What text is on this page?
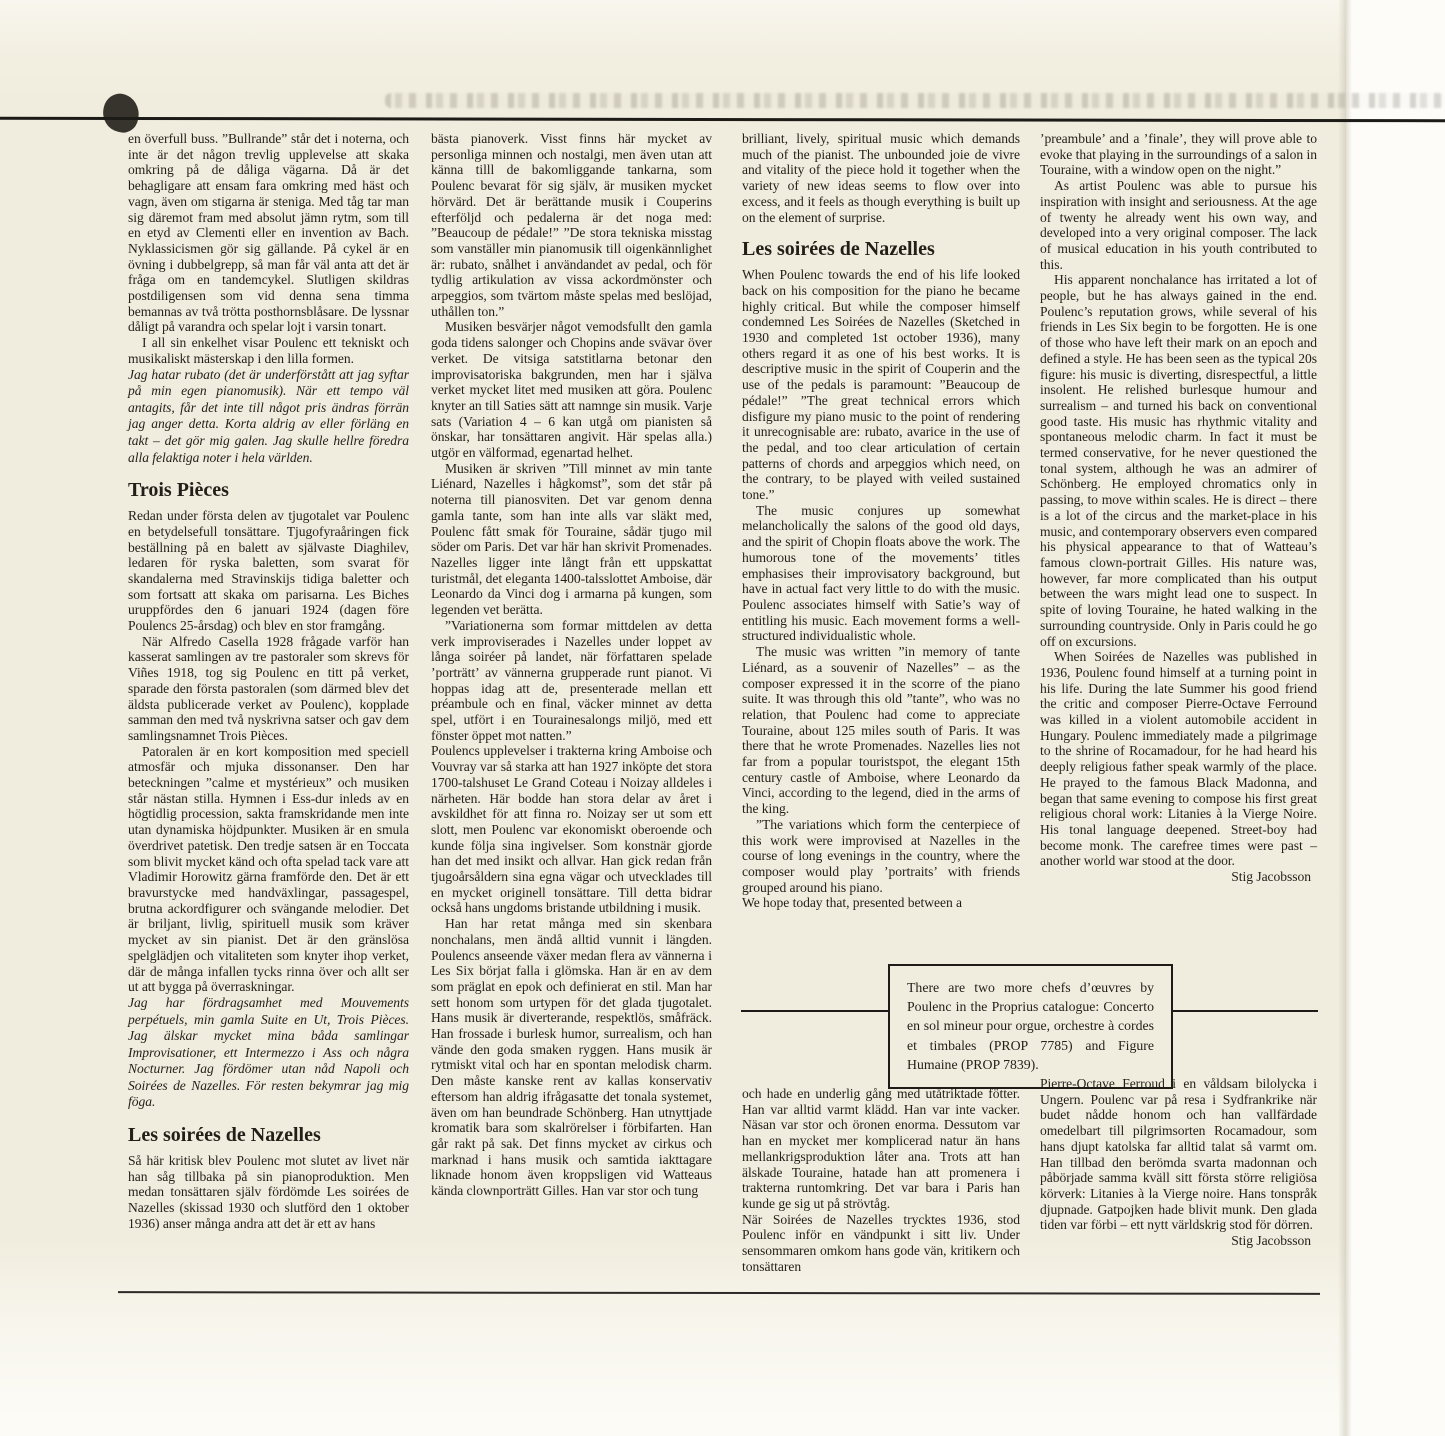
en överfull buss. ”Bullrande” står det i noterna, och inte är det någon trevlig upplevelse att skaka omkring på de dåliga vägarna. Då är det behagligare att ensam fara omkring med häst och vagn, även om stigarna är steniga. Med tåg tar man sig däremot fram med absolut jämn rytm, som till en etyd av Clementi eller en invention av Bach. Nyklassicismen gör sig gällande. På cykel är en övning i dubbelgrepp, så man får väl anta att det är fråga om en tandemcykel. Slutligen skildras postdiligensen som vid denna sena timma bemannas av två trötta posthornsblåsare. De lyssnar dåligt på varandra och spelar lojt i varsin tonart.

I all sin enkelhet visar Poulenc ett tekniskt och musikaliskt mästerskap i den lilla formen.

Jag hatar rubato (det är underförstått att jag syftar på min egen pianomusik). När ett tempo väl antagits, får det inte till något pris ändras förrän jag anger detta. Korta aldrig av eller förläng en takt – det gör mig galen. Jag skulle hellre föredra alla felaktiga noter i hela världen.

Trois Pièces

Redan under första delen av tjugotalet var Poulenc en betydelsefull tonsättare. Tjugofyraåringen fick beställning på en balett av självaste Diaghilev, ledaren för ryska baletten, som svarat för skandalerna med Stravinskijs tidiga baletter och som fortsatt att skaka om parisarna. Les Biches uruppfördes den 6 januari 1924 (dagen före Poulencs 25-årsdag) och blev en stor framgång.

När Alfredo Casella 1928 frågade varför han kasserat samlingen av tre pastoraler som skrevs för Viñes 1918, tog sig Poulenc en titt på verket, sparade den första pastoralen (som därmed blev det äldsta publicerade verket av Poulenc), kopplade samman den med två nyskrivna satser och gav dem samlingsnamnet Trois Pièces.

Patoralen är en kort komposition med speciell atmosfär och mjuka dissonanser. Den har beteckningen ”calme et mystérieux” och musiken står nästan stilla. Hymnen i Ess-dur inleds av en högtidlig procession, sakta framskridande men inte utan dynamiska höjdpunkter. Musiken är en smula överdrivet patetisk. Den tredje satsen är en Toccata som blivit mycket känd och ofta spelad tack vare att Vladimir Horowitz gärna framförde den. Det är ett bravurstycke med handväxlingar, passagespel, brutna ackordfigurer och svängande melodier. Det är briljant, livlig, spirituell musik som kräver mycket av sin pianist. Det är den gränslösa spelglädjen och vitaliteten som knyter ihop verket, där de många infallen tycks rinna över och allt ser ut att bygga på överraskningar.

Jag har fördragsamhet med Mouvements perpétuels, min gamla Suite en Ut, Trois Pièces. Jag älskar mycket mina båda samlingar Improvisationer, ett Intermezzo i Ass och några Nocturner. Jag fördömer utan nåd Napoli och Soirées de Nazelles. För resten bekymrar jag mig föga.

Les soirées de Nazelles

Så här kritisk blev Poulenc mot slutet av livet när han såg tillbaka på sin pianoproduktion. Men medan tonsättaren själv fördömde Les soirées de Nazelles (skissad 1930 och slutförd den 1 oktober 1936) anser många andra att det är ett av hans

bästa pianoverk. Visst finns här mycket av personliga minnen och nostalgi, men även utan att känna tilll de bakomliggande tankarna, som Poulenc bevarat för sig själv, är musiken mycket hörvärd. Det är berättande musik i Couperins efterföljd och pedalerna är det noga med: ”Beaucoup de pédale!” ”De stora tekniska misstag som vanställer min pianomusik till oigenkännlighet är: rubato, snålhet i användandet av pedal, och för tydlig artikulation av vissa ackordmönster och arpeggios, som tvärtom måste spelas med beslöjad, uthållen ton.”

Musiken besvärjer något vemodsfullt den gamla goda tidens salonger och Chopins ande svävar över verket. De vitsiga satstitlarna betonar den improvisatoriska bakgrunden, men har i själva verket mycket litet med musiken att göra. Poulenc knyter an till Saties sätt att namnge sin musik. Varje sats (Variation 4 – 6 kan utgå om pianisten så önskar, har tonsättaren angivit. Här spelas alla.) utgör en välformad, egenartad helhet.

Musiken är skriven ”Till minnet av min tante Liénard, Nazelles i hågkomst”, som det står på noterna till pianosviten. Det var genom denna gamla tante, som han inte alls var släkt med, Poulenc fått smak för Touraine, sådär tjugo mil söder om Paris. Det var här han skrivit Promenades. Nazelles ligger inte långt från ett uppskattat turistmål, det eleganta 1400-talsslottet Amboise, där Leonardo da Vinci dog i armarna på kungen, som legenden vet berätta.

”Variationerna som formar mittdelen av detta verk improviserades i Nazelles under loppet av långa soiréer på landet, när författaren spelade ’porträtt’ av vännerna grupperade runt pianot. Vi hoppas idag att de, presenterade mellan ett préambule och en final, väcker minnet av detta spel, utfört i en Tourainesalongs miljö, med ett fönster öppet mot natten.”

Poulencs upplevelser i trakterna kring Amboise och Vouvray var så starka att han 1927 inköpte det stora 1700-talshuset Le Grand Coteau i Noizay alldeles i närheten. Här bodde han stora delar av året i avskildhet för att finna ro. Noizay ser ut som ett slott, men Poulenc var ekonomiskt oberoende och kunde följa sina ingivelser. Som konstnär gjorde han det med insikt och allvar. Han gick redan från tjugoårsåldern sina egna vägar och utvecklades till en mycket originell tonsättare. Till detta bidrar också hans ungdoms bristande utbildning i musik.

Han har retat många med sin skenbara nonchalans, men ändå alltid vunnit i längden. Poulencs anseende växer medan flera av vännerna i Les Six börjat falla i glömska. Han är en av dem som präglat en epok och definierat en stil. Man har sett honom som urtypen för det glada tjugotalet. Hans musik är diverterande, respektlös, småfräck. Han frossade i burlesk humor, surrealism, och han vände den goda smaken ryggen. Hans musik är rytmiskt vital och har en spontan melodisk charm. Den måste kanske rent av kallas konservativ eftersom han aldrig ifrågasatte det tonala systemet, även om han beundrade Schönberg. Han utnyttjade kromatik bara som skalrörelser i förbifarten. Han går rakt på sak. Det finns mycket av cirkus och marknad i hans musik och samtida iakttagare liknade honom även kroppsligen vid Watteaus kända clownporträtt Gilles. Han var stor och tung

brilliant, lively, spiritual music which demands much of the pianist. The unbounded joie de vivre and vitality of the piece hold it together when the variety of new ideas seems to flow over into excess, and it feels as though everything is built up on the element of surprise.

Les soirées de Nazelles

When Poulenc towards the end of his life looked back on his composition for the piano he became highly critical. But while the composer himself condemned Les Soirées de Nazelles (Sketched in 1930 and completed 1st october 1936), many others regard it as one of his best works. It is descriptive music in the spirit of Couperin and the use of the pedals is paramount: ”Beaucoup de pédale!” ”The great technical errors which disfigure my piano music to the point of rendering it unrecognisable are: rubato, avarice in the use of the pedal, and too clear articulation of certain patterns of chords and arpeggios which need, on the contrary, to be played with veiled sustained tone.”

The music conjures up somewhat melancholically the salons of the good old days, and the spirit of Chopin floats above the work. The humorous tone of the movements’ titles emphasises their improvisatory background, but have in actual fact very little to do with the music. Poulenc associates himself with Satie’s way of entitling his music. Each movement forms a well-structured individualistic whole.

The music was written ”in memory of tante Liénard, as a souvenir of Nazelles” – as the composer expressed it in the scorre of the piano suite. It was through this old ”tante”, who was no relation, that Poulenc had come to appreciate Touraine, about 125 miles south of Paris. It was there that he wrote Promenades. Nazelles lies not far from a popular touristspot, the elegant 15th century castle of Amboise, where Leonardo da Vinci, according to the legend, died in the arms of the king.

”The variations which form the centerpiece of this work were improvised at Nazelles in the course of long evenings in the country, where the composer would play ’portraits’ with friends grouped around his piano.

We hope today that, presented between a

och hade en underlig gång med utåtriktade fötter. Han var alltid varmt klädd. Han var inte vacker. Näsan var stor och öronen enorma. Dessutom var han en mycket mer komplicerad natur än hans mellankrigsproduktion låter ana. Trots att han älskade Touraine, hatade han att promenera i trakterna runtomkring. Det var bara i Paris han kunde ge sig ut på strövtåg.

När Soirées de Nazelles trycktes 1936, stod Poulenc inför en vändpunkt i sitt liv. Under sensommaren omkom hans gode vän, kritikern och tonsättaren

’preambule’ and a ’finale’, they will prove able to evoke that playing in the surroundings of a salon in Touraine, with a window open on the night.”

As artist Poulenc was able to pursue his inspiration with insight and seriousness. At the age of twenty he already went his own way, and developed into a very original composer. The lack of musical education in his youth contributed to this.

His apparent nonchalance has irritated a lot of people, but he has always gained in the end. Poulenc’s reputation grows, while several of his friends in Les Six begin to be forgotten. He is one of those who have left their mark on an epoch and defined a style. He has been seen as the typical 20s figure: his music is diverting, disrespectful, a little insolent. He relished burlesque humour and surrealism – and turned his back on conventional good taste. His music has rhythmic vitality and spontaneous melodic charm. In fact it must be termed conservative, for he never questioned the tonal system, although he was an admirer of Schönberg. He employed chromatics only in passing, to move within scales. He is direct – there is a lot of the circus and the market-place in his music, and contemporary observers even compared his physical appearance to that of Watteau’s famous clown-portrait Gilles. His nature was, however, far more complicated than his output between the wars might lead one to suspect. In spite of loving Touraine, he hated walking in the surrounding countryside. Only in Paris could he go off on excursions.

When Soirées de Nazelles was published in 1936, Poulenc found himself at a turning point in his life. During the late Summer his good friend the critic and composer Pierre-Octave Ferround was killed in a violent automobile accident in Hungary. Poulenc immediately made a pilgrimage to the shrine of Rocamadour, for he had heard his deeply religious father speak warmly of the place. He prayed to the famous Black Madonna, and began that same evening to compose his first great religious choral work: Litanies à la Vierge Noire. His tonal language deepened. Street-boy had become monk. The carefree times were past – another world war stood at the door.

Stig Jacobsson

Pierre-Octave Ferroud i en våldsam bilolycka i Ungern. Poulenc var på resa i Sydfrankrike när budet nådde honom och han vallfärdade omedelbart till pilgrimsorten Rocamadour, som hans djupt katolska far alltid talat så varmt om. Han tillbad den berömda svarta madonnan och påbörjade samma kväll sitt första större religiösa körverk: Litanies à la Vierge noire. Hans tonspråk djupnade. Gatpojken hade blivit munk. Den glada tiden var förbi – ett nytt världskrig stod för dörren.

Stig Jacobsson

There are two more chefs d’œuvres by Poulenc in the Proprius catalogue: Concerto en sol mineur pour orgue, orchestre à cordes et timbales (PROP 7785) and Figure Humaine (PROP 7839).
